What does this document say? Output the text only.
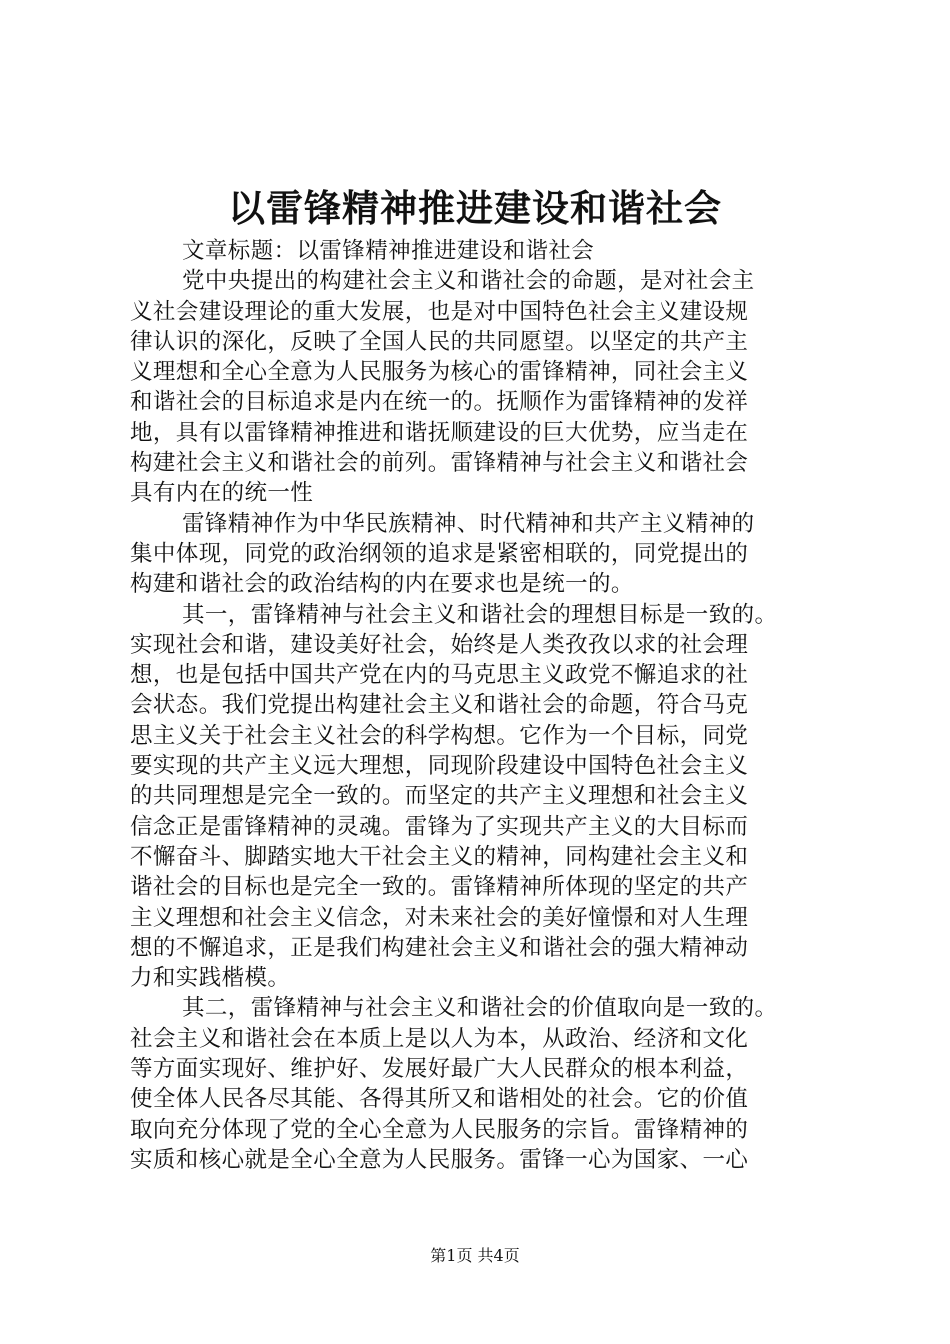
以雷锋精神推进建设和谐社会
文章标题：以雷锋精神推进建设和谐社会
党中央提出的构建社会主义和谐社会的命题，是对社会主
义社会建设理论的重大发展，也是对中国特色社会主义建设规
律认识的深化，反映了全国人民的共同愿望。以坚定的共产主
义理想和全心全意为人民服务为核心的雷锋精神，同社会主义
和谐社会的目标追求是内在统一的。抚顺作为雷锋精神的发祥
地，具有以雷锋精神推进和谐抚顺建设的巨大优势，应当走在
构建社会主义和谐社会的前列。雷锋精神与社会主义和谐社会
具有内在的统一性
雷锋精神作为中华民族精神、时代精神和共产主义精神的
集中体现，同党的政治纲领的追求是紧密相联的，同党提出的
构建和谐社会的政治结构的内在要求也是统一的。
其一，雷锋精神与社会主义和谐社会的理想目标是一致的。
实现社会和谐，建设美好社会，始终是人类孜孜以求的社会理
想，也是包括中国共产党在内的马克思主义政党不懈追求的社
会状态。我们党提出构建社会主义和谐社会的命题，符合马克
思主义关于社会主义社会的科学构想。它作为一个目标，同党
要实现的共产主义远大理想，同现阶段建设中国特色社会主义
的共同理想是完全一致的。而坚定的共产主义理想和社会主义
信念正是雷锋精神的灵魂。雷锋为了实现共产主义的大目标而
不懈奋斗、脚踏实地大干社会主义的精神，同构建社会主义和
谐社会的目标也是完全一致的。雷锋精神所体现的坚定的共产
主义理想和社会主义信念，对未来社会的美好憧憬和对人生理
想的不懈追求，正是我们构建社会主义和谐社会的强大精神动
力和实践楷模。
其二，雷锋精神与社会主义和谐社会的价值取向是一致的。
社会主义和谐社会在本质上是以人为本，从政治、经济和文化
等方面实现好、维护好、发展好最广大人民群众的根本利益，
使全体人民各尽其能、各得其所又和谐相处的社会。它的价值
取向充分体现了党的全心全意为人民服务的宗旨。雷锋精神的
实质和核心就是全心全意为人民服务。雷锋一心为国家、一心
第1页 共4页
